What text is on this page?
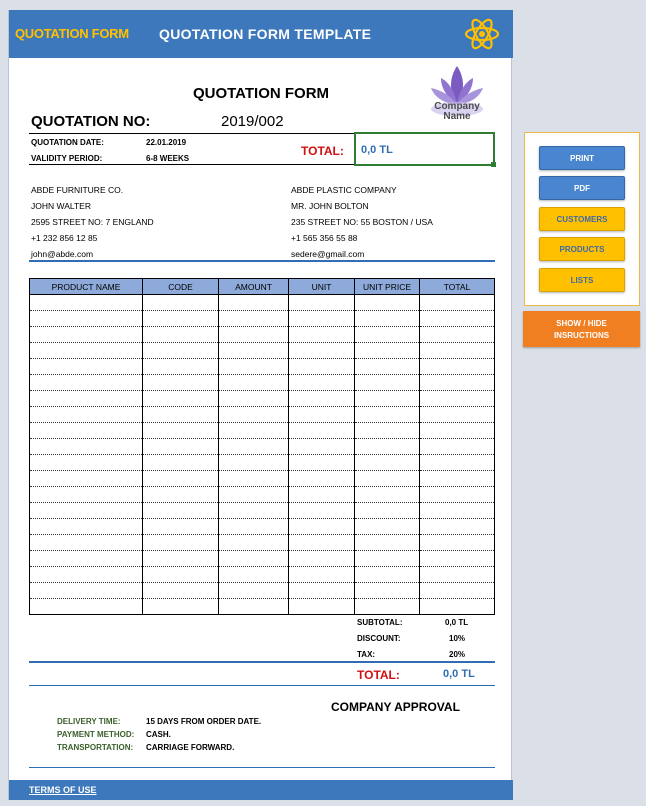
QUOTATION FORM QUOTATION FORM TEMPLATE
QUOTATION FORM
Company
Name
QUOTATION NO:	2019/002
QUOTATION DATE:	22.01.2019
VALIDITY PERIOD:	6-8 WEEKS
TOTAL: 0,0 TL
ABDE FURNITURE CO.
JOHN WALTER
2595 STREET NO: 7 ENGLAND
+1 232 856 12 85
john@abde.com
ABDE PLASTIC COMPANY
MR. JOHN BOLTON
235 STREET NO: 55 BOSTON / USA
+1 565 356 55 88
sedere@gmail.com
PRODUCT NAME	CODE	AMOUNT	UNIT	UNIT PRICE	TOTAL

SUBTOTAL:	0,0 TL
DISCOUNT:	10%
TAX:	20%
TOTAL:	0,0 TL
COMPANY APPROVAL
DELIVERY TIME:	15 DAYS FROM ORDER DATE.
PAYMENT METHOD: CASH.
TRANSPORTATION: CARRIAGE FORWARD.
TERMS OF USE
PRINT
PDF
CUSTOMERS
PRODUCTS
LISTS
SHOW / HIDE
INSRUCTIONS
